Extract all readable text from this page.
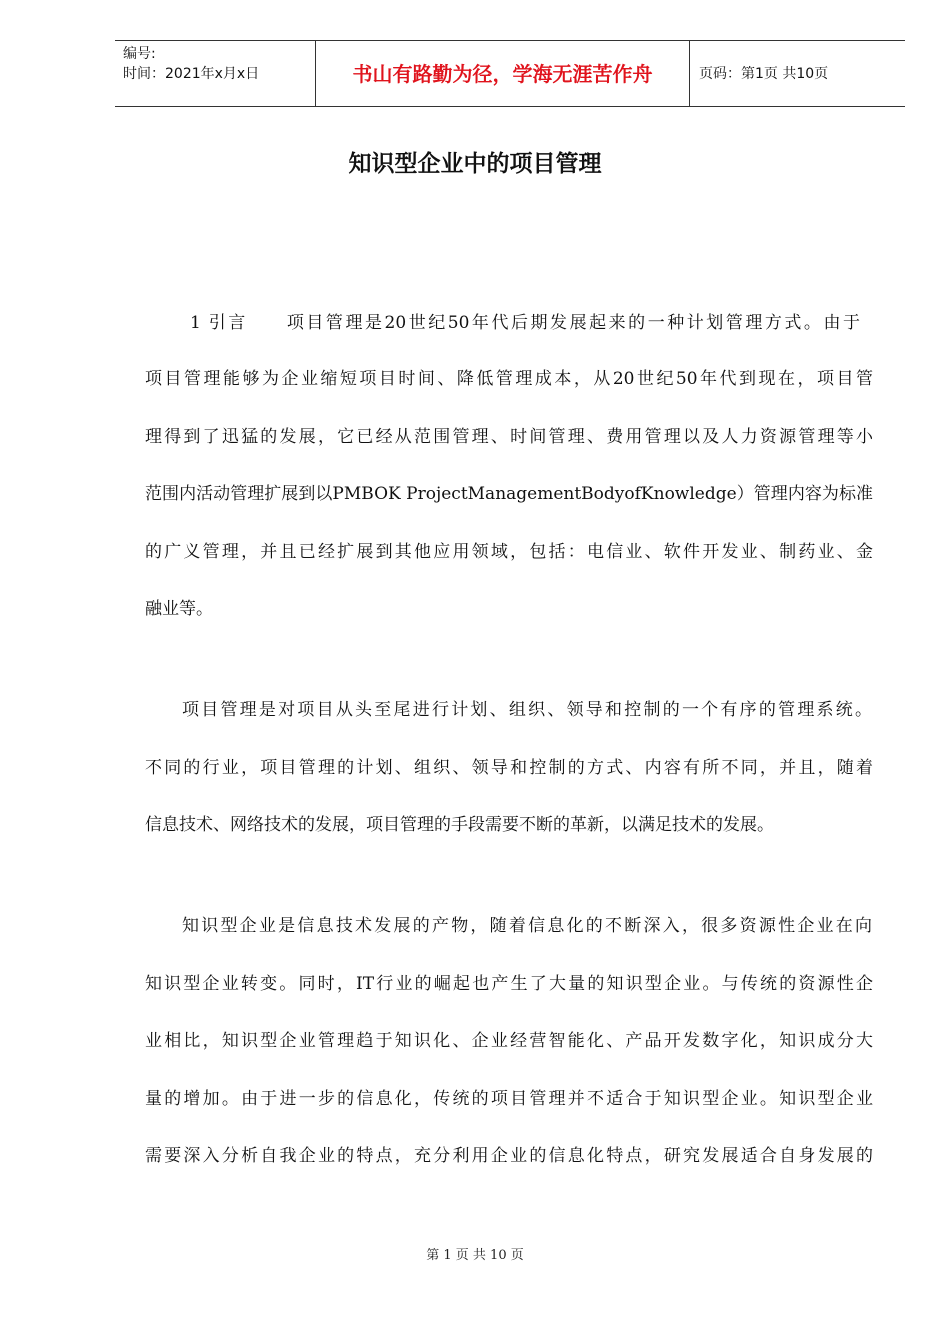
编号:
时间：2021年x月x日	书山有路勤为径，学海无涯苦作舟	页码：第1页 共10页
知识型企业中的项目管理
1 引言　　项目管理是20世纪50年代后期发展起来的一种计划管理方式。由于
项目管理能够为企业缩短项目时间、降低管理成本，从20世纪50年代到现在，项目管
理得到了迅猛的发展，它已经从范围管理、时间管理、费用管理以及人力资源管理等小
范围内活动管理扩展到以PMBOK ProjectManagementBodyofKnowledge）管理内容为标准
的广义管理，并且已经扩展到其他应用领域，包括：电信业、软件开发业、制药业、金
融业等。
项目管理是对项目从头至尾进行计划、组织、领导和控制的一个有序的管理系统。
不同的行业，项目管理的计划、组织、领导和控制的方式、内容有所不同，并且，随着
信息技术、网络技术的发展，项目管理的手段需要不断的革新，以满足技术的发展。
知识型企业是信息技术发展的产物，随着信息化的不断深入，很多资源性企业在向
知识型企业转变。同时，IT行业的崛起也产生了大量的知识型企业。与传统的资源性企
业相比，知识型企业管理趋于知识化、企业经营智能化、产品开发数字化，知识成分大
量的增加。由于进一步的信息化，传统的项目管理并不适合于知识型企业。知识型企业
需要深入分析自我企业的特点，充分利用企业的信息化特点，研究发展适合自身发展的
第 1 页 共 10 页
